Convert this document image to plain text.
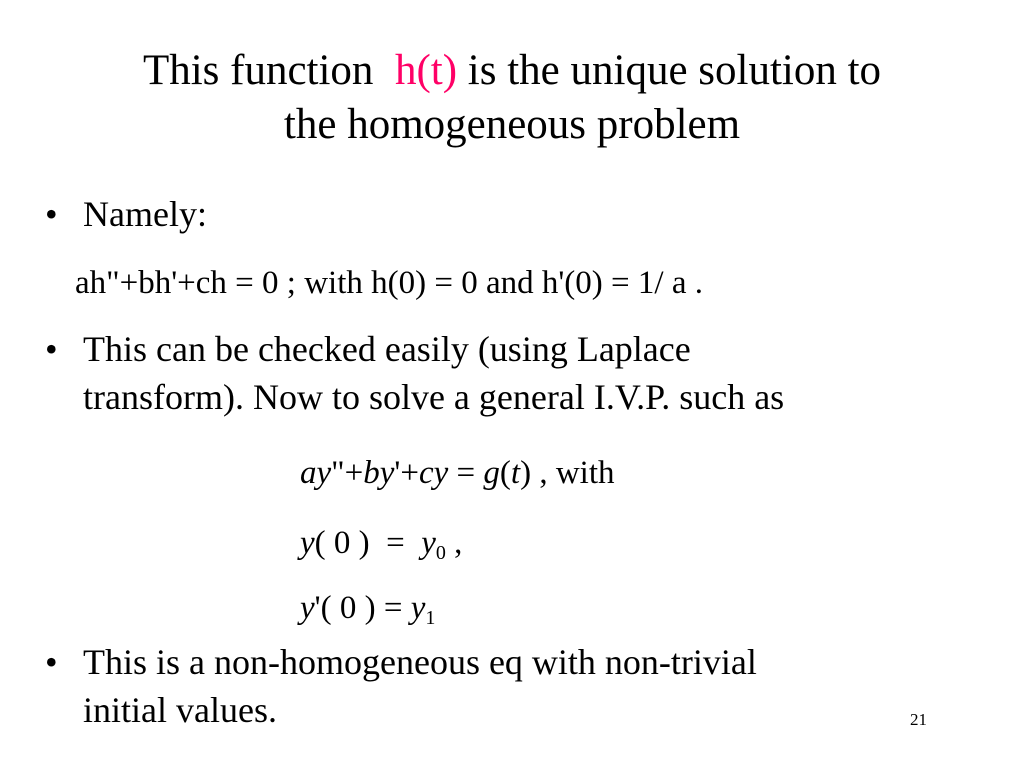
This function h(t) is the unique solution to
the homogeneous problem
• Namely:
ah"+bh'+ch = 0 ; with h(0) = 0 and h'(0) = 1/ a .
• This can be checked easily (using Laplace
transform). Now to solve a general I.V.P. such as
ay"+by'+cy = g(t) , with
y( 0 )  =  $y_0$ ,
y'( 0 ) = $y_1$
• This is a non-homogeneous eq with non-trivial
initial values.	21
